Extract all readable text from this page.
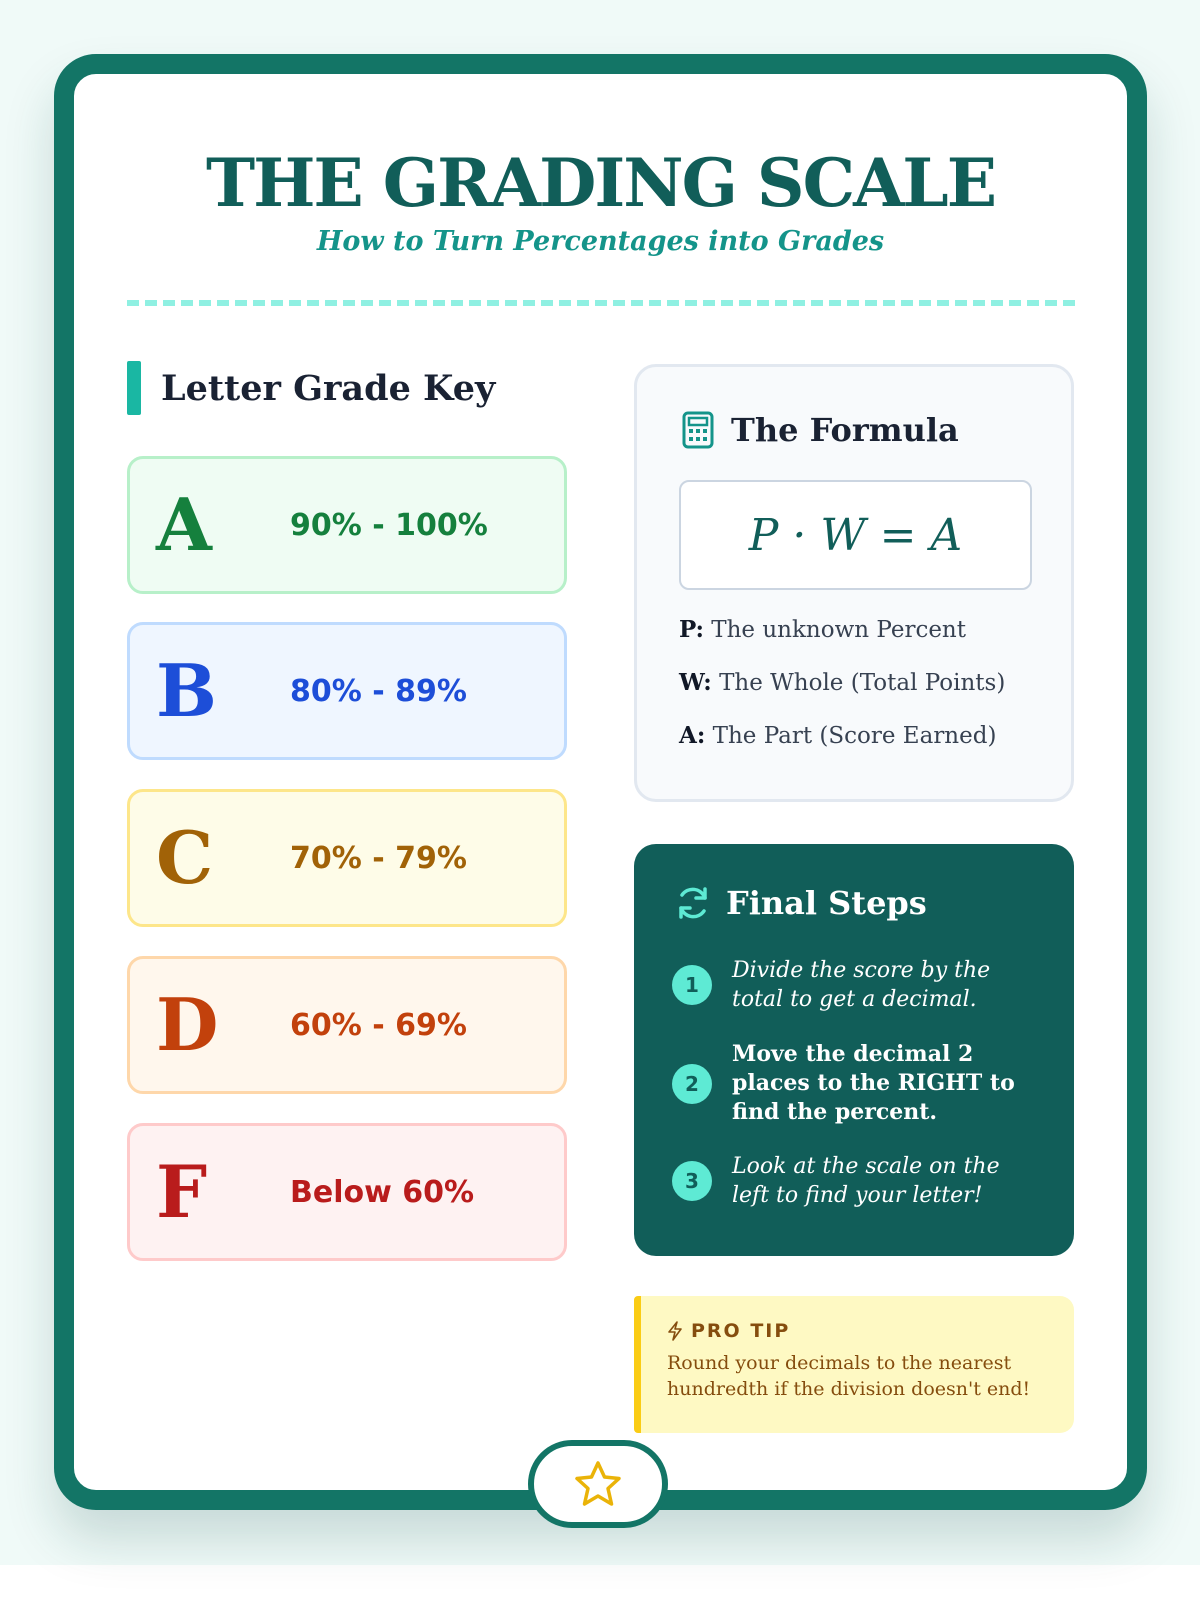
THE GRADING SCALE
How to Turn Percentages into Grades
Letter Grade Key
A	90% - 100%
B	80% - 89%
C	70% - 79%
D	60% - 69%
F	Below 60%
The Formula
P · W = A
P: The unknown Percent
W: The Whole (Total Points)
A: The Part (Score Earned)
Final Steps
1
Divide the score by the total to get a decimal.
2
Move the decimal 2 places to the RIGHT to find the percent.
3
Look at the scale on the left to find your letter!
PRO TIP
Round your decimals to the nearest hundredth if the division doesn't end!
